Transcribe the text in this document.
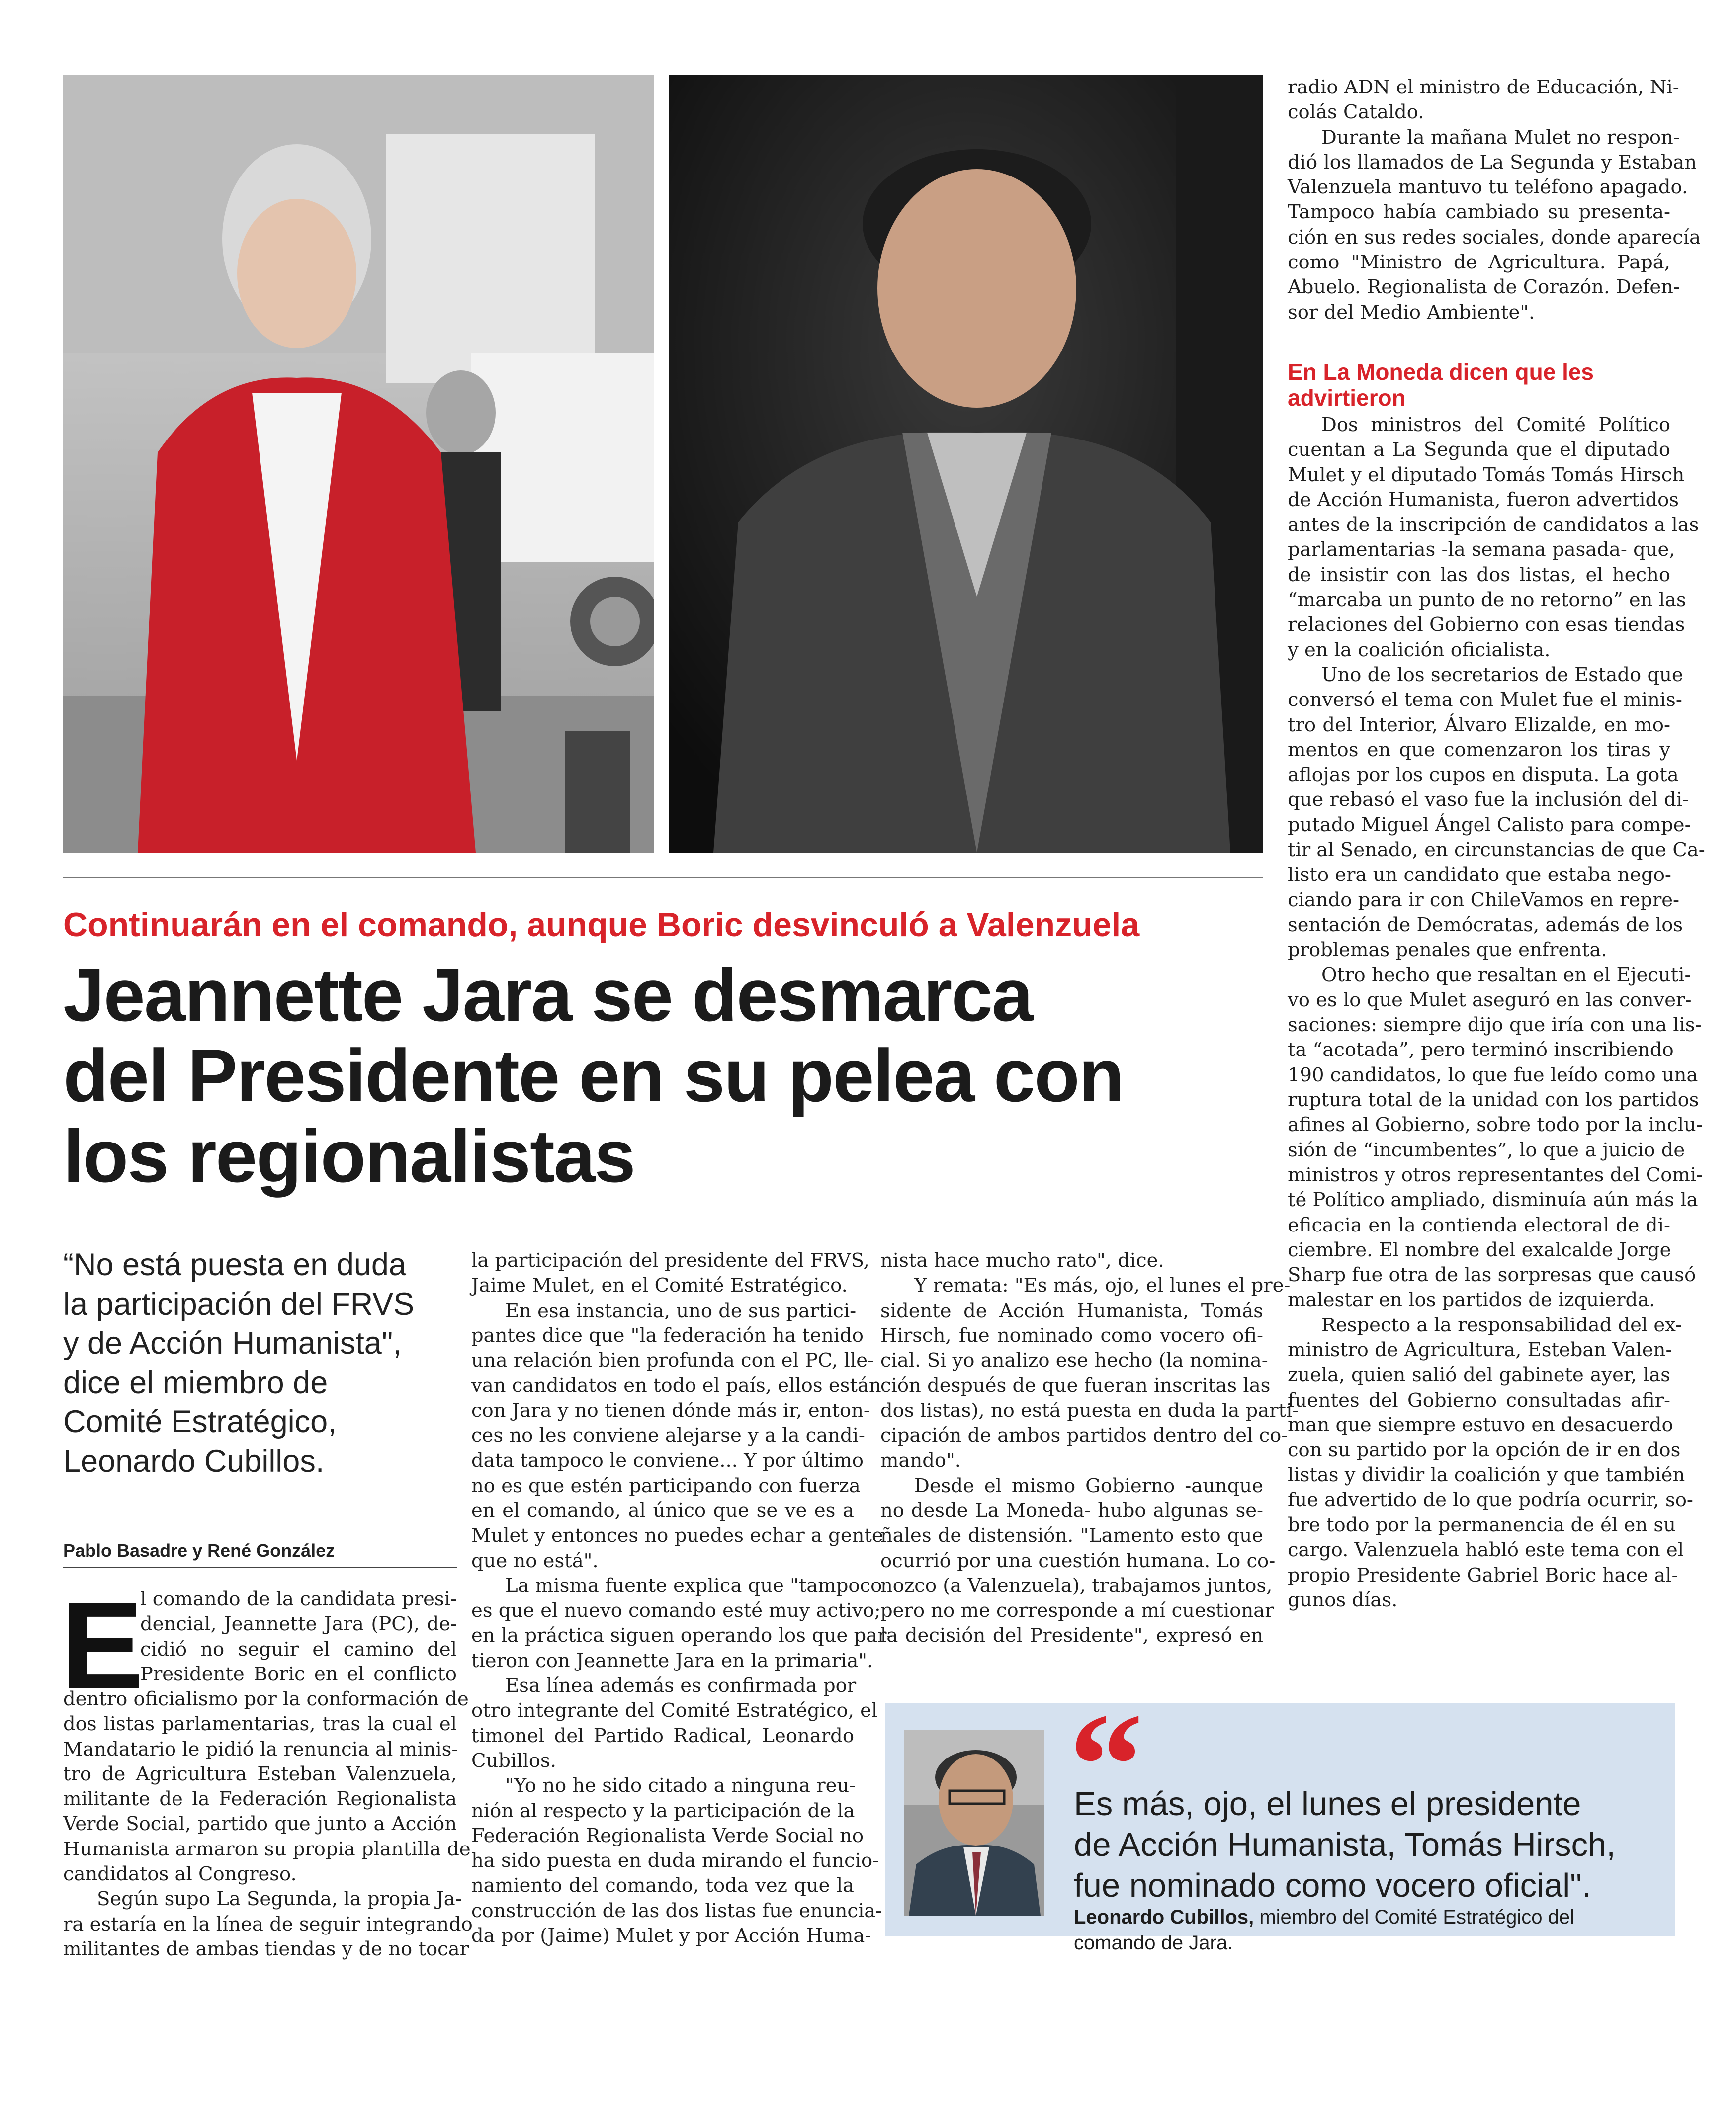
Continuarán en el comando, aunque Boric desvinculó a Valenzuela
Jeannette Jara se desmarca
del Presidente en su pelea con
los regionalistas
“No está puesta en duda
la participación del FRVS
y de Acción Humanista",
dice el miembro de
Comité Estratégico,
Leonardo Cubillos.
Pablo Basadre y René González
E
l comando de la candidata presi-
dencial, Jeannette Jara (PC), de-
cidió no seguir el camino del
Presidente Boric en el conflicto
dentro oficialismo por la conformación de
dos listas parlamentarias, tras la cual el
Mandatario le pidió la renuncia al minis-
tro de Agricultura Esteban Valenzuela,
militante de la Federación Regionalista
Verde Social, partido que junto a Acción
Humanista armaron su propia plantilla de
candidatos al Congreso.
Según supo La Segunda, la propia Ja-
ra estaría en la línea de seguir integrando
militantes de ambas tiendas y de no tocar
la participación del presidente del FRVS,
Jaime Mulet, en el Comité Estratégico.
En esa instancia, uno de sus partici-
pantes dice que "la federación ha tenido
una relación bien profunda con el PC, lle-
van candidatos en todo el país, ellos están
con Jara y no tienen dónde más ir, enton-
ces no les conviene alejarse y a la candi-
data tampoco le conviene... Y por último
no es que estén participando con fuerza
en el comando, al único que se ve es a
Mulet y entonces no puedes echar a gente
que no está".
La misma fuente explica que "tampoco
es que el nuevo comando esté muy activo;
en la práctica siguen operando los que par-
tieron con Jeannette Jara en la primaria".
Esa línea además es confirmada por
otro integrante del Comité Estratégico, el
timonel del Partido Radical, Leonardo
Cubillos.
"Yo no he sido citado a ninguna reu-
nión al respecto y la participación de la
Federación Regionalista Verde Social no
ha sido puesta en duda mirando el funcio-
namiento del comando, toda vez que la
construcción de las dos listas fue enuncia-
da por (Jaime) Mulet y por Acción Huma-
nista hace mucho rato", dice.
Y remata: "Es más, ojo, el lunes el pre-
sidente de Acción Humanista, Tomás
Hirsch, fue nominado como vocero ofi-
cial. Si yo analizo ese hecho (la nomina-
ción después de que fueran inscritas las
dos listas), no está puesta en duda la parti-
cipación de ambos partidos dentro del co-
mando".
Desde el mismo Gobierno -aunque
no desde La Moneda- hubo algunas se-
ñales de distensión. "Lamento esto que
ocurrió por una cuestión humana. Lo co-
nozco (a Valenzuela), trabajamos juntos,
pero no me corresponde a mí cuestionar
la decisión del Presidente", expresó en
radio ADN el ministro de Educación, Ni-
colás Cataldo.
Durante la mañana Mulet no respon-
dió los llamados de La Segunda y Estaban
Valenzuela mantuvo tu teléfono apagado.
Tampoco había cambiado su presenta-
ción en sus redes sociales, donde aparecía
como "Ministro de Agricultura. Papá,
Abuelo. Regionalista de Corazón. Defen-
sor del Medio Ambiente".
En La Moneda dicen que les
advirtieron
Dos ministros del Comité Político
cuentan a La Segunda que el diputado
Mulet y el diputado Tomás Tomás Hirsch
de Acción Humanista, fueron advertidos
antes de la inscripción de candidatos a las
parlamentarias -la semana pasada- que,
de insistir con las dos listas, el hecho
“marcaba un punto de no retorno” en las
relaciones del Gobierno con esas tiendas
y en la coalición oficialista.
Uno de los secretarios de Estado que
conversó el tema con Mulet fue el minis-
tro del Interior, Álvaro Elizalde, en mo-
mentos en que comenzaron los tiras y
aflojas por los cupos en disputa. La gota
que rebasó el vaso fue la inclusión del di-
putado Miguel Ángel Calisto para compe-
tir al Senado, en circunstancias de que Ca-
listo era un candidato que estaba nego-
ciando para ir con ChileVamos en repre-
sentación de Demócratas, además de los
problemas penales que enfrenta.
Otro hecho que resaltan en el Ejecuti-
vo es lo que Mulet aseguró en las conver-
saciones: siempre dijo que iría con una lis-
ta “acotada”, pero terminó inscribiendo
190 candidatos, lo que fue leído como una
ruptura total de la unidad con los partidos
afines al Gobierno, sobre todo por la inclu-
sión de “incumbentes”, lo que a juicio de
ministros y otros representantes del Comi-
té Político ampliado, disminuía aún más la
eficacia en la contienda electoral de di-
ciembre. El nombre del exalcalde Jorge
Sharp fue otra de las sorpresas que causó
malestar en los partidos de izquierda.
Respecto a la responsabilidad del ex-
ministro de Agricultura, Esteban Valen-
zuela, quien salió del gabinete ayer, las
fuentes del Gobierno consultadas afir-
man que siempre estuvo en desacuerdo
con su partido por la opción de ir en dos
listas y dividir la coalición y que también
fue advertido de lo que podría ocurrir, so-
bre todo por la permanencia de él en su
cargo. Valenzuela habló este tema con el
propio Presidente Gabriel Boric hace al-
gunos días.
“
Es más, ojo, el lunes el presidente
de Acción Humanista, Tomás Hirsch,
fue nominado como vocero oficial".
Leonardo Cubillos, miembro del Comité Estratégico del
comando de Jara.
